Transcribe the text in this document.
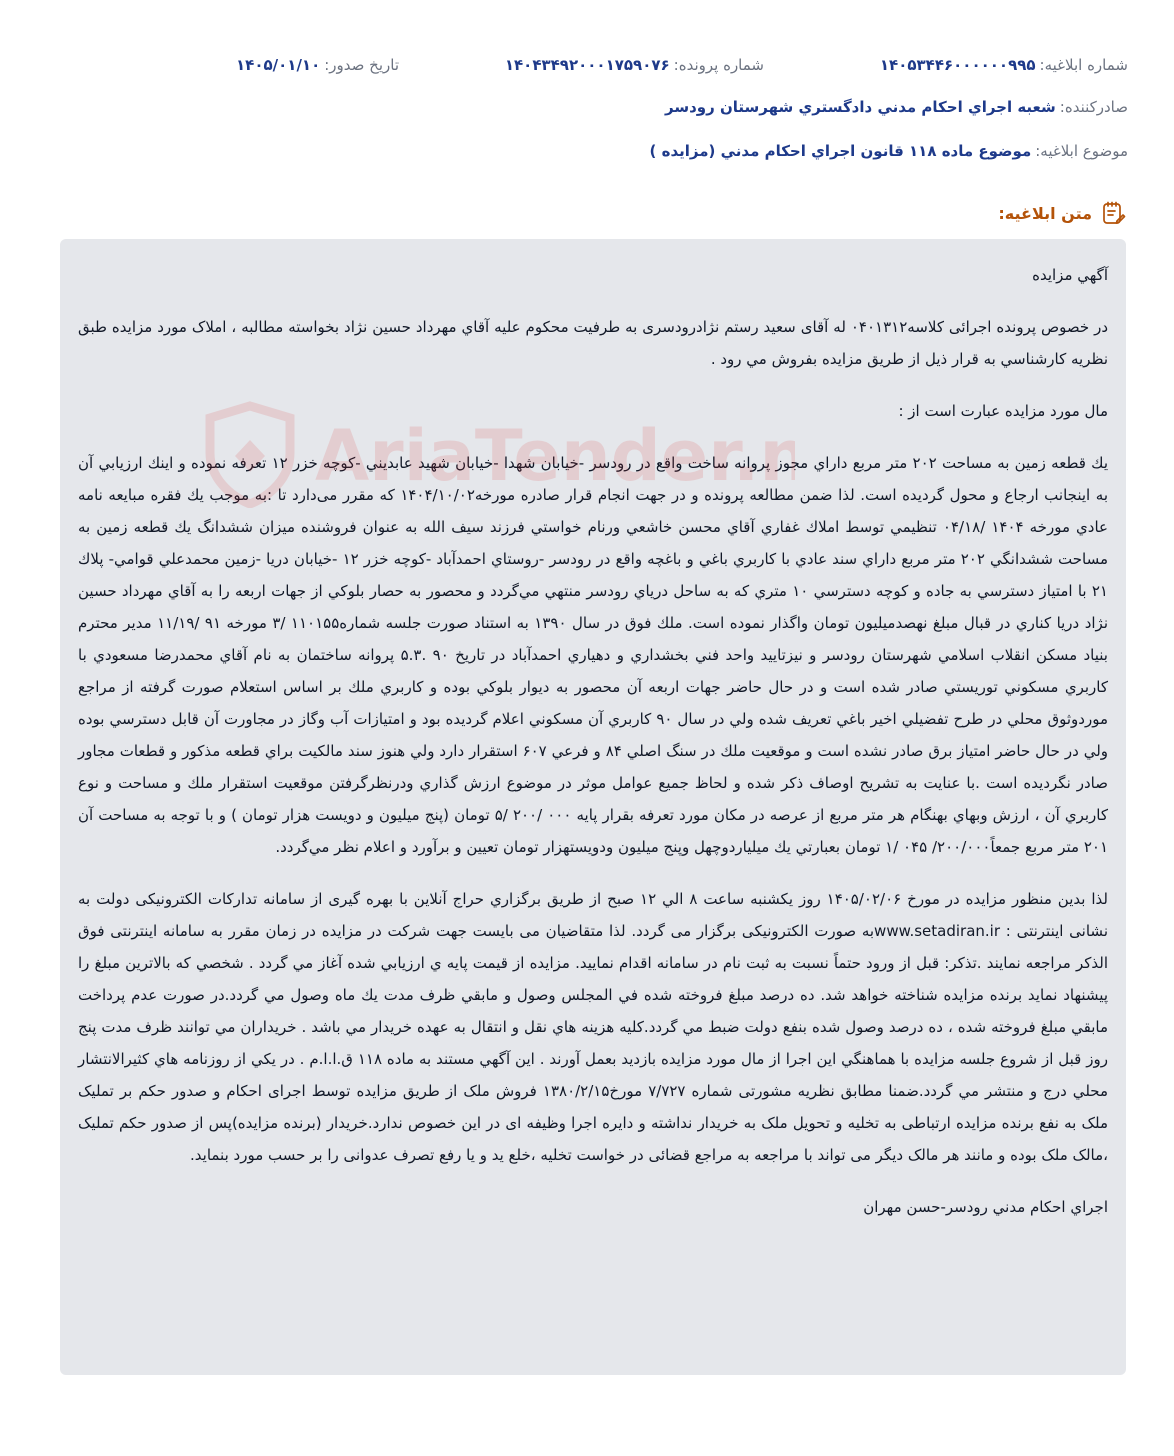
شماره ابلاغيه:۱۴۰۵۳۴۴۶۰۰۰۰۰۰۹۹۵
شماره پرونده:۱۴۰۴۳۴۹۲۰۰۰۱۷۵۹۰۷۶
تاريخ صدور:۱۴۰۵/۰۱/۱۰
صادرکننده:شعبه اجراي احکام مدني دادگستري شهرستان رودسر
موضوع ابلاغيه:موضوع ماده ۱۱۸ قانون اجراي احکام مدني (مزايده )
متن ابلاغيه:

آگهي مزايده

در خصوص پرونده اجرائی کلاسه۰۴۰۱۳۱۲ له آقای سعید رستم نژادرودسری به طرفیت محکوم علیه آقاي مهرداد حسين نژاد بخواسته مطالبه ، املاک مورد مزايده طبق نظريه کارشناسي به قرار ذيل از طريق مزايده بفروش مي رود .

مال مورد مزايده عبارت است از :

يك قطعه زمين به مساحت ۲۰۲ متر مربع داراي مجوز پروانه ساخت واقع در رودسر -خيابان شهدا -خيابان شهيد عابديني -كوچه خزر ۱۲ تعرفه نموده و اينك ارزيابي آن به اينجانب ارجاع و محول گرديده است. لذا ضمن مطالعه پرونده و در جهت انجام قرار صادره مورخه۱۴۰۴/۱۰/۰۲ که مقرر می‌دارد تا :به موجب يك فقره مبايعه نامه عادي مورخه ۱۴۰۴ /۰۴/۱۸ تنظيمي توسط املاك غفاري آقاي محسن خاشعي ورنام خواستي فرزند سيف الله به عنوان فروشنده ميزان ششدانگ يك قطعه زمين به مساحت ششدانگي ۲۰۲ متر مربع داراي سند عادي با كاربري باغي و باغچه واقع در رودسر -روستاي احمدآباد -كوچه خزر ۱۲ -خيابان دريا -زمين محمدعلي قوامي- پلاك ۲۱ با امتياز دسترسي به جاده و كوچه دسترسي ۱۰ متري كه به ساحل درياي رودسر منتهي مي‌گردد و محصور به حصار بلوكي از جهات اربعه را به آقاي مهرداد حسين نژاد دريا كناري در قبال مبلغ نهصدميليون تومان واگذار نموده است. ملك فوق در سال ۱۳۹۰ به استناد صورت جلسه شماره۱۱۰۱۵۵ /۳ مورخه ۹۱ /۱۱/۱۹ مدير محترم بنياد مسكن انقلاب اسلامي شهرستان رودسر و نيزتاييد واحد فني بخشداري و دهياري احمدآباد در تاريخ ۹۰ .۵.۳ پروانه ساختمان به نام آقاي محمدرضا مسعودي با كاربري مسكوني توريستي صادر شده است و در حال حاضر جهات اربعه آن محصور به ديوار بلوكي بوده و كاربري ملك بر اساس استعلام صورت گرفته از مراجع موردوثوق محلي در طرح تفضيلي اخير باغي تعريف شده ولي در سال ۹۰ كاربري آن مسكوني اعلام گرديده بود و امتيازات آب وگاز در مجاورت آن قابل دسترسي بوده ولي در حال حاضر امتياز برق صادر نشده است و موقعيت ملك در سنگ اصلي ۸۴ و فرعي ۶۰۷ استقرار دارد ولي هنوز سند مالكيت براي قطعه مذكور و قطعات مجاور صادر نگرديده است .با عنايت به تشريح اوصاف ذكر شده و لحاظ جميع عوامل موثر در موضوع ارزش گذاري ودرنظرگرفتن موقعيت استقرار ملك و مساحت و نوع كاربري آن ، ارزش وبهاي بهنگام هر متر مربع از عرصه در مكان مورد تعرفه بقرار پايه ۰۰۰ /۲۰۰ /۵ تومان (پنج ميليون و دويست هزار تومان ) و با توجه به مساحت آن ۲۰۱ متر مربع جمعاً۲۰۰/۰۰۰/ ۰۴۵ /۱ تومان بعبارتي يك ميلياردوچهل وپنج ميليون ودويستهزار تومان تعيين و برآورد و اعلام نظر مي‌گردد.

لذا بدين منظور مزايده در مورخ ۱۴۰۵/۰۲/۰۶ روز يکشنبه ساعت ۸ الي ۱۲ صبح از طريق برگزاري حراج آنلاين با بهره گيری از سامانه تدارکات الکترونيکی دولت به نشانی اينترنتی : www.setadiran.irبه صورت الکترونيکی برگزار می گردد. لذا متقاضيان می بايست جهت شرکت در مزايده در زمان مقرر به سامانه اينترنتی فوق الذکر مراجعه نمايند .تذکر: قبل از ورود حتماً نسبت به ثبت نام در سامانه اقدام نماييد. مزايده از قيمت پايه ي ارزيابي شده آغاز مي گردد . شخصي که بالاترين مبلغ را پيشنهاد نمايد برنده مزايده شناخته خواهد شد. ده درصد مبلغ فروخته شده في المجلس وصول و مابقي ظرف مدت يك ماه وصول مي گردد.در صورت عدم پرداخت مابقي مبلغ فروخته شده ، ده درصد وصول شده بنفع دولت ضبط مي گردد.کليه هزينه هاي نقل و انتقال به عهده خريدار مي باشد . خريداران مي توانند ظرف مدت پنج روز قبل از شروع جلسه مزايده با هماهنگي اين اجرا از مال مورد مزايده بازديد بعمل آورند . اين آگهي مستند به ماده ۱۱۸ ق.ا.ا.م . در يکي از روزنامه هاي کثيرالانتشار محلي درج و منتشر مي گردد.ضمنا مطابق نظريه مشورتی شماره ۷/۷۲۷ مورخ۱۳۸۰/۲/۱۵ فروش ملک از طريق مزايده توسط اجرای احکام و صدور حکم بر تمليک ملک به نفع برنده مزايده ارتباطی به تخليه و تحويل ملک به خريدار نداشته و دايره اجرا وظيفه ای در اين خصوص ندارد.خريدار (برنده مزايده)پس از صدور حکم تمليک ،مالک ملک بوده و مانند هر مالک ديگر می تواند با مراجعه به مراجع قضائی در خواست تخليه ،خلع يد و يا رفع تصرف عدوانی را بر حسب مورد بنمايد.

اجراي احكام مدني رودسر-حسن مهران
